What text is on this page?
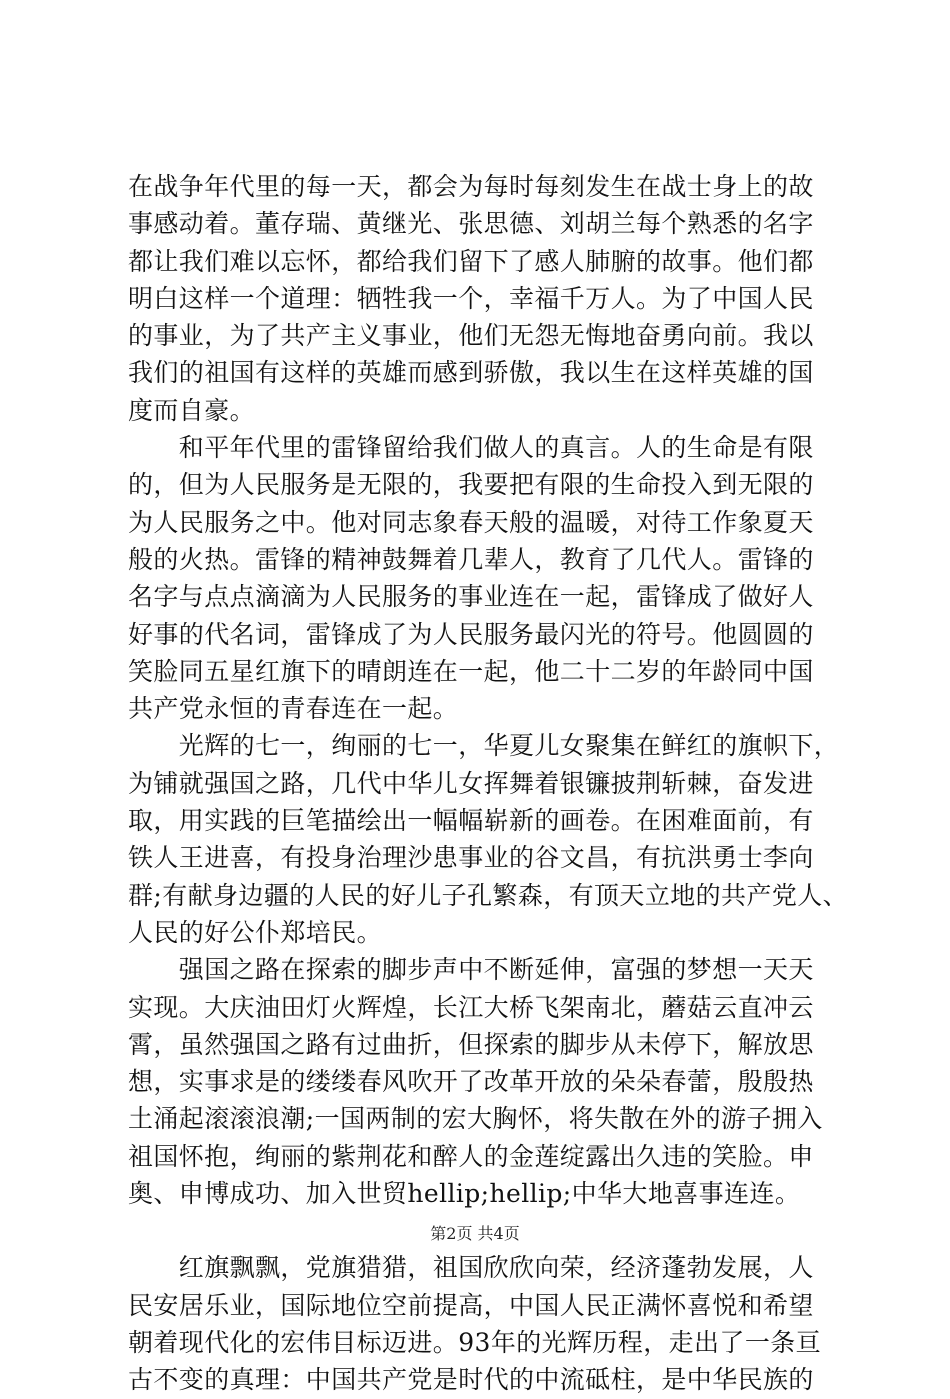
在战争年代里的每一天，都会为每时每刻发生在战士身上的故
事感动着。董存瑞、黄继光、张思德、刘胡兰每个熟悉的名字
都让我们难以忘怀，都给我们留下了感人肺腑的故事。他们都
明白这样一个道理：牺牲我一个，幸福千万人。为了中国人民
的事业，为了共产主义事业，他们无怨无悔地奋勇向前。我以
我们的祖国有这样的英雄而感到骄傲，我以生在这样英雄的国
度而自豪。

　　和平年代里的雷锋留给我们做人的真言。人的生命是有限
的，但为人民服务是无限的，我要把有限的生命投入到无限的
为人民服务之中。他对同志象春天般的温暖，对待工作象夏天
般的火热。雷锋的精神鼓舞着几辈人，教育了几代人。雷锋的
名字与点点滴滴为人民服务的事业连在一起，雷锋成了做好人
好事的代名词，雷锋成了为人民服务最闪光的符号。他圆圆的
笑脸同五星红旗下的晴朗连在一起，他二十二岁的年龄同中国
共产党永恒的青春连在一起。

　　光辉的七一，绚丽的七一，华夏儿女聚集在鲜红的旗帜下，
为铺就强国之路，几代中华儿女挥舞着银镰披荆斩棘，奋发进
取，用实践的巨笔描绘出一幅幅崭新的画卷。在困难面前，有
铁人王进喜，有投身治理沙患事业的谷文昌，有抗洪勇士李向
群;有献身边疆的人民的好儿子孔繁森，有顶天立地的共产党人、
人民的好公仆郑培民。

　　强国之路在探索的脚步声中不断延伸，富强的梦想一天天
实现。大庆油田灯火辉煌，长江大桥飞架南北，蘑菇云直冲云
霄，虽然强国之路有过曲折，但探索的脚步从未停下，解放思
想，实事求是的缕缕春风吹开了改革开放的朵朵春蕾，殷殷热
土涌起滚滚浪潮;一国两制的宏大胸怀，将失散在外的游子拥入
祖国怀抱，绚丽的紫荆花和醉人的金莲绽露出久违的笑脸。申
奥、申博成功、加入世贸hellip;hellip;中华大地喜事连连。

　　红旗飘飘，党旗猎猎，祖国欣欣向荣，经济蓬勃发展，人
民安居乐业，国际地位空前提高，中国人民正满怀喜悦和希望
朝着现代化的宏伟目标迈进。93年的光辉历程，走出了一条亘
古不变的真理：中国共产党是时代的中流砥柱，是中华民族的

第2页 共4页
